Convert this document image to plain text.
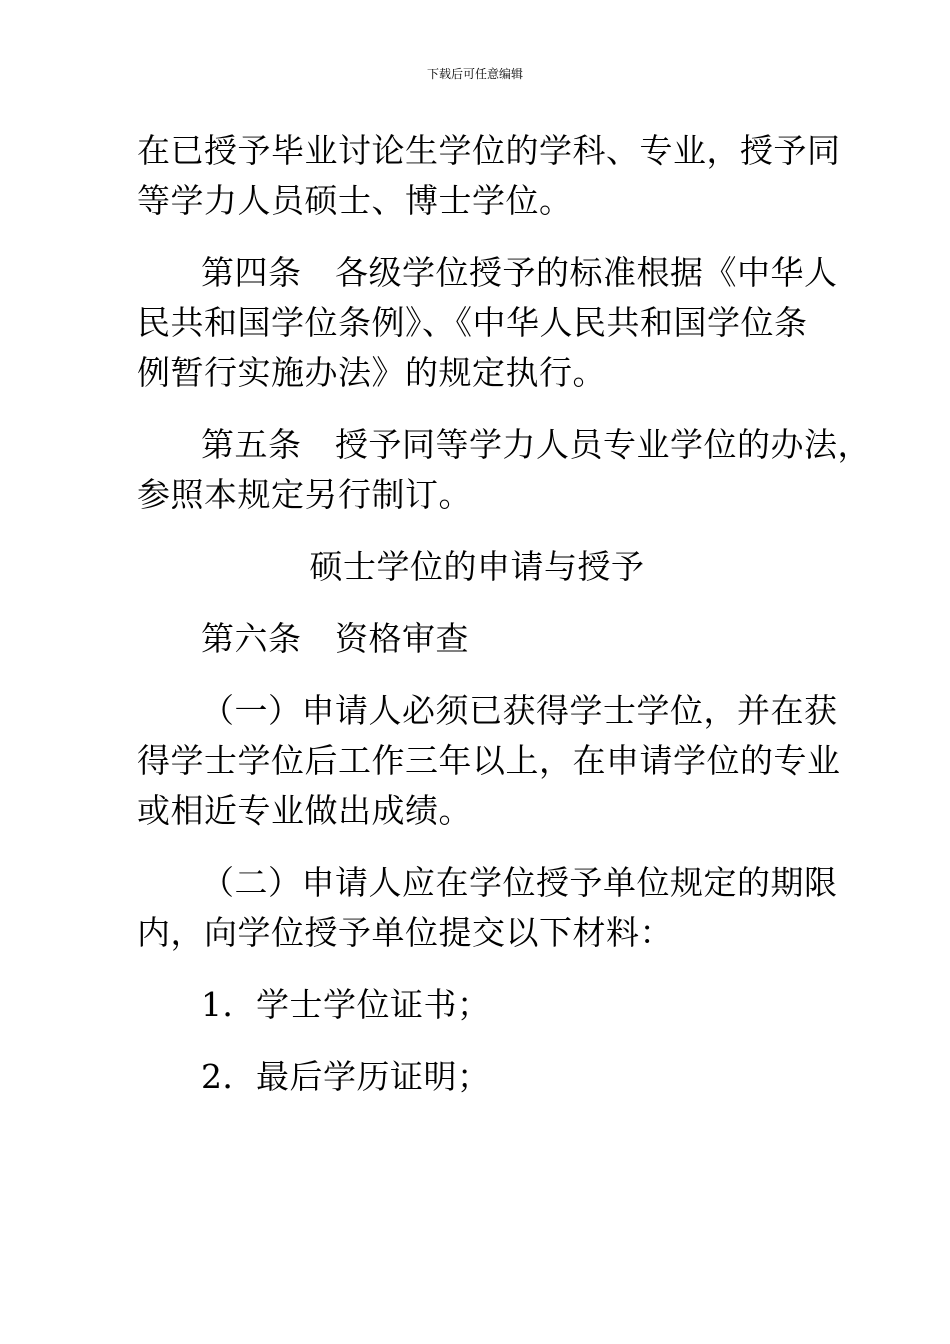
下载后可任意编辑
在已授予毕业讨论生学位的学科、专业，授予同
等学力人员硕士、博士学位。
第四条　各级学位授予的标准根据《中华人
民共和国学位条例》、《中华人民共和国学位条
例暂行实施办法》的规定执行。
第五条　授予同等学力人员专业学位的办法，
参照本规定另行制订。
硕士学位的申请与授予
第六条　资格审查
（一）申请人必须已获得学士学位，并在获
得学士学位后工作三年以上，在申请学位的专业
或相近专业做出成绩。
（二）申请人应在学位授予单位规定的期限
内，向学位授予单位提交以下材料：
1．学士学位证书；
2．最后学历证明；
